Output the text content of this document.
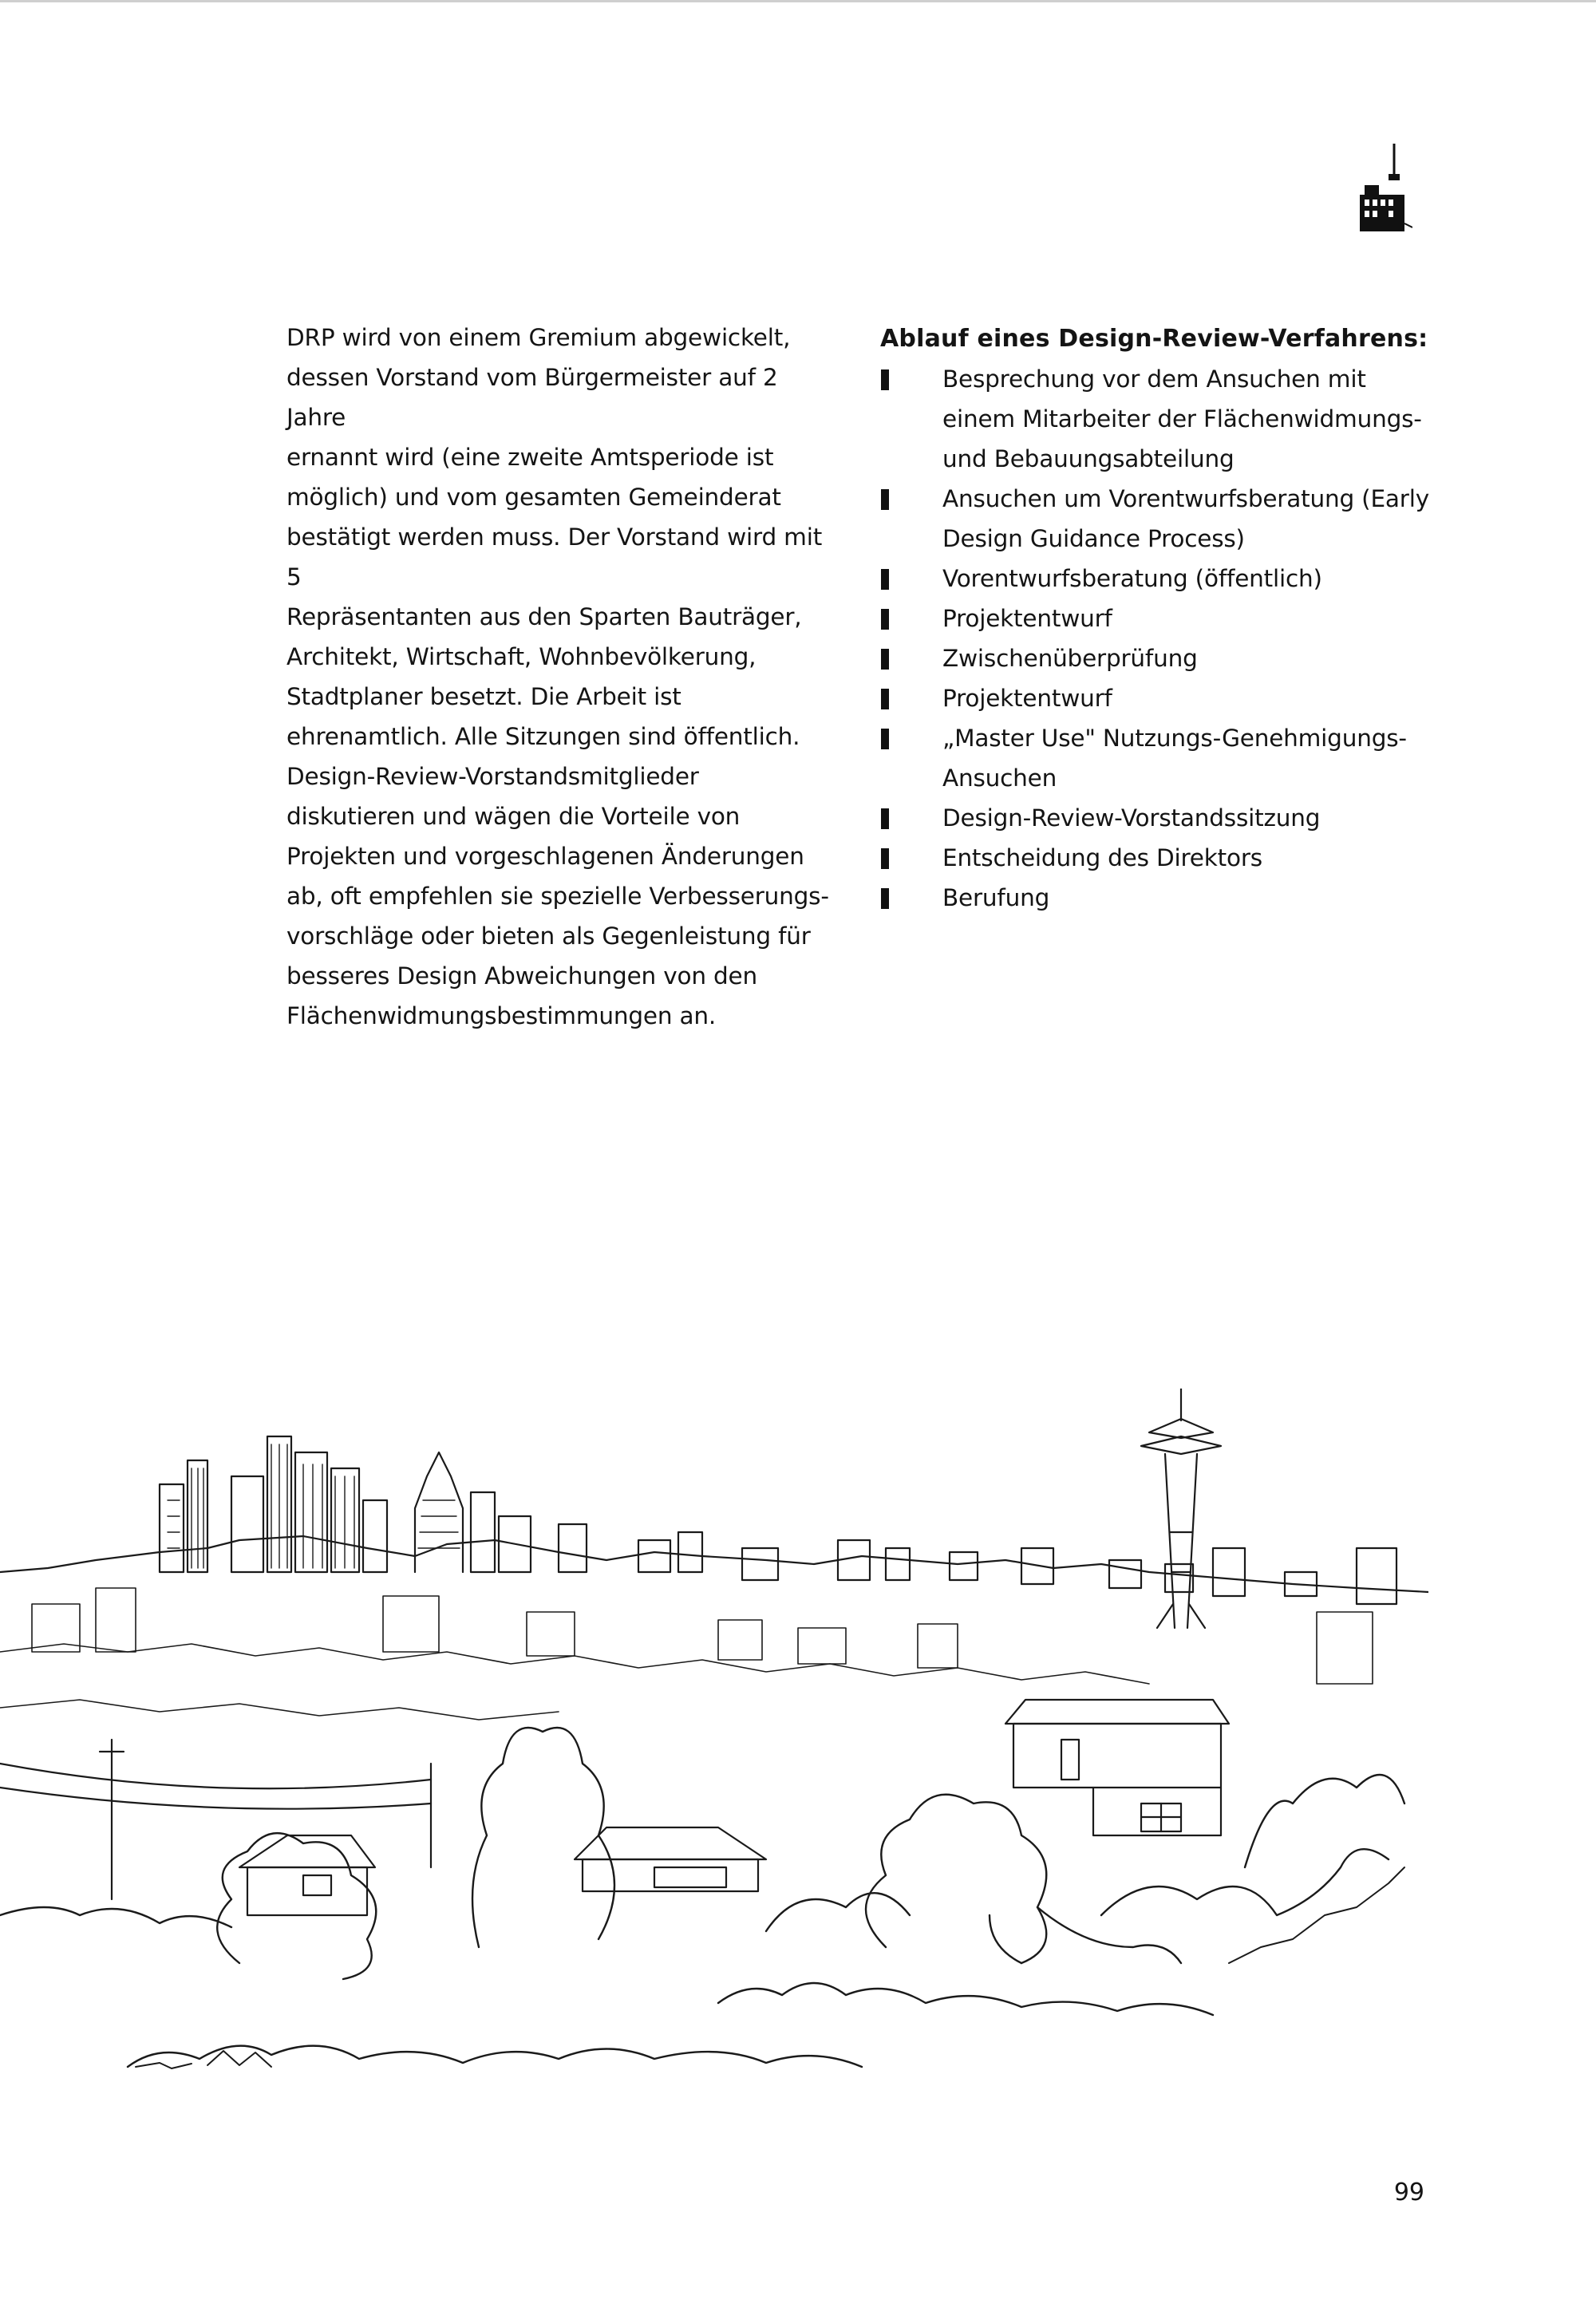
DRP wird von einem Gremium abgewickelt,
dessen Vorstand vom Bürgermeister auf 2 Jahre
ernannt wird (eine zweite Amtsperiode ist
möglich) und vom gesamten Gemeinderat
bestätigt werden muss. Der Vorstand wird mit 5
Repräsentanten aus den Sparten Bauträger,
Architekt, Wirtschaft, Wohnbevölkerung,
Stadtplaner besetzt. Die Arbeit ist
ehrenamtlich. Alle Sitzungen sind öffentlich.
Design-Review-Vorstandsmitglieder
diskutieren und wägen die Vorteile von
Projekten und vorgeschlagenen Änderungen
ab, oft empfehlen sie spezielle Verbesserungs-
vorschläge oder bieten als Gegenleistung für
besseres Design Abweichungen von den
Flächenwidmungsbestimmungen an.

Ablauf eines Design-Review-Verfahrens:
Besprechung vor dem Ansuchen mit
einem Mitarbeiter der Flächenwidmungs-
und Bebauungsabteilung
Ansuchen um Vorentwurfsberatung (Early
Design Guidance Process)
Vorentwurfsberatung (öffentlich)
Projektentwurf
Zwischenüberprüfung
Projektentwurf
„Master Use" Nutzungs-Genehmigungs-
Ansuchen
Design-Review-Vorstandssitzung
Entscheidung des Direktors
Berufung
99
